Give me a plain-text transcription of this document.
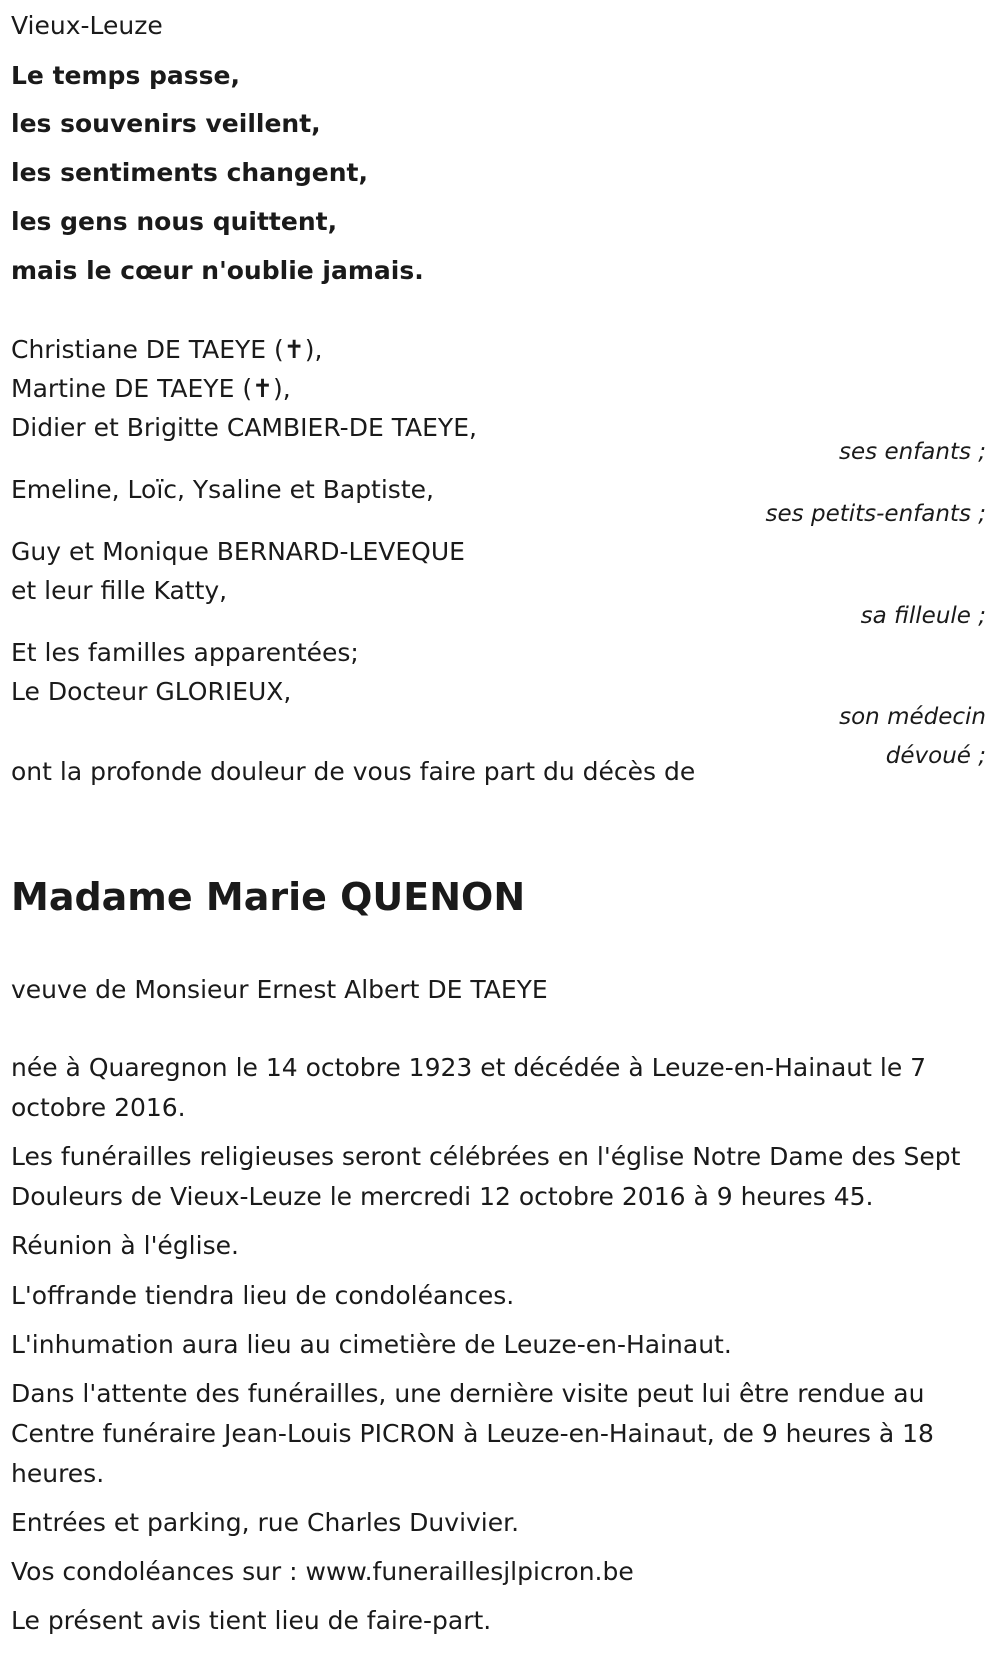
Vieux-Leuze
Le temps passe,
les souvenirs veillent,
les sentiments changent,
les gens nous quittent,
mais le cœur n'oublie jamais.
Christiane DE TAEYE (✝),
Martine DE TAEYE (✝),
Didier et Brigitte CAMBIER-DE TAEYE,
ses enfants ;
Emeline, Loïc, Ysaline et Baptiste,
ses petits-enfants ;
Guy et Monique BERNARD-LEVEQUE
et leur fille Katty,
sa filleule ;
Et les familles apparentées;
Le Docteur GLORIEUX,
son médecin
dévoué ;
ont la profonde douleur de vous faire part du décès de
Madame Marie QUENON
veuve de Monsieur Ernest Albert DE TAEYE
née à Quaregnon le 14 octobre 1923 et décédée à Leuze-en-Hainaut le 7 octobre 2016.
Les funérailles religieuses seront célébrées en l'église Notre Dame des Sept Douleurs de Vieux-Leuze le mercredi 12 octobre 2016 à 9 heures 45.
Réunion à l'église.
L'offrande tiendra lieu de condoléances.
L'inhumation aura lieu au cimetière de Leuze-en-Hainaut.
Dans l'attente des funérailles, une dernière visite peut lui être rendue au Centre funéraire Jean-Louis PICRON à Leuze-en-Hainaut, de 9 heures à 18 heures.
Entrées et parking, rue Charles Duvivier.
Vos condoléances sur : www.funeraillesjlpicron.be
Le présent avis tient lieu de faire-part.
